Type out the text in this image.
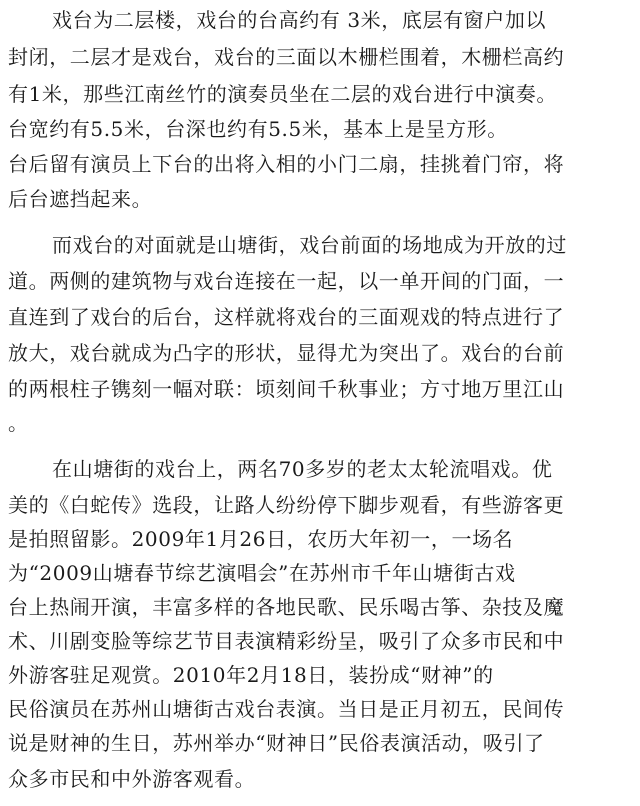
戏台为二层楼，戏台的台高约有 3米，底层有窗户加以
封闭，二层才是戏台，戏台的三面以木栅栏围着，木栅栏高约
有1米，那些江南丝竹的演奏员坐在二层的戏台进行中演奏。
台宽约有5.5米，台深也约有5.5米，基本上是呈方形。
台后留有演员上下台的出将入相的小门二扇，挂挑着门帘，将
后台遮挡起来。
而戏台的对面就是山塘街，戏台前面的场地成为开放的过
道。两侧的建筑物与戏台连接在一起，以一单开间的门面，一
直连到了戏台的后台，这样就将戏台的三面观戏的特点进行了
放大，戏台就成为凸字的形状，显得尤为突出了。戏台的台前
的两根柱子镌刻一幅对联：顷刻间千秋事业；方寸地万里江山
。
在山塘街的戏台上，两名70多岁的老太太轮流唱戏。优
美的《白蛇传》选段，让路人纷纷停下脚步观看，有些游客更
是拍照留影。2009年1月26日，农历大年初一，一场名
为“2009山塘春节综艺演唱会”在苏州市千年山塘街古戏
台上热闹开演，丰富多样的各地民歌、民乐喝古筝、杂技及魔
术、川剧变脸等综艺节目表演精彩纷呈，吸引了众多市民和中
外游客驻足观赏。2010年2月18日，装扮成“财神”的
民俗演员在苏州山塘街古戏台表演。当日是正月初五，民间传
说是财神的生日，苏州举办“财神日”民俗表演活动，吸引了
众多市民和中外游客观看。
